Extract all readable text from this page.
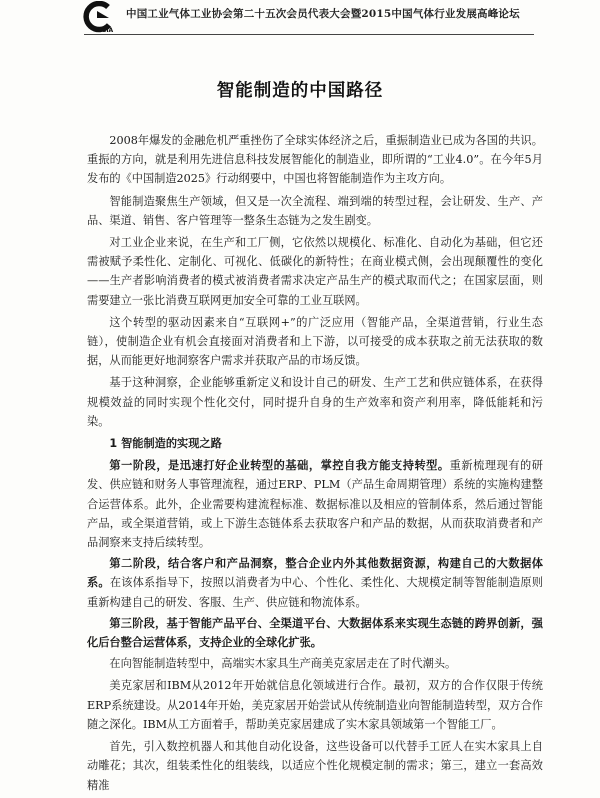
CGIA
中国工业气体工业协会第二十五次会员代表大会暨2015中国气体行业发展高峰论坛
智能制造的中国路径

2008年爆发的金融危机严重挫伤了全球实体经济之后，重振制造业已成为各国的共识。重振的方向，就是利用先进信息科技发展智能化的制造业，即所谓的“工业4.0”。在今年5月发布的《中国制造2025》行动纲要中，中国也将智能制造作为主攻方向。

智能制造聚焦生产领域，但又是一次全流程、端到端的转型过程，会让研发、生产、产品、渠道、销售、客户管理等一整条生态链为之发生剧变。

对工业企业来说，在生产和工厂侧，它依然以规模化、标准化、自动化为基础，但它还需被赋予柔性化、定制化、可视化、低碳化的新特性；在商业模式侧，会出现颠覆性的变化——生产者影响消费者的模式被消费者需求决定产品生产的模式取而代之；在国家层面，则需要建立一张比消费互联网更加安全可靠的工业互联网。

这个转型的驱动因素来自“互联网+”的广泛应用（智能产品，全渠道营销，行业生态链），使制造企业有机会直接面对消费者和上下游，以可接受的成本获取之前无法获取的数据，从而能更好地洞察客户需求并获取产品的市场反馈。

基于这种洞察，企业能够重新定义和设计自己的研发、生产工艺和供应链体系，在获得规模效益的同时实现个性化交付，同时提升自身的生产效率和资产利用率，降低能耗和污染。

1 智能制造的实现之路

第一阶段，是迅速打好企业转型的基础，掌控自我方能支持转型。重新梳理现有的研发、供应链和财务人事管理流程，通过ERP、PLM（产品生命周期管理）系统的实施构建整合运营体系。此外，企业需要构建流程标准、数据标准以及相应的管制体系，然后通过智能产品，或全渠道营销，或上下游生态链体系去获取客户和产品的数据，从而获取消费者和产品洞察来支持后续转型。

第二阶段，结合客户和产品洞察，整合企业内外其他数据资源，构建自己的大数据体系。在该体系指导下，按照以消费者为中心、个性化、柔性化、大规模定制等智能制造原则重新构建自己的研发、客服、生产、供应链和物流体系。

第三阶段，基于智能产品平台、全渠道平台、大数据体系来实现生态链的跨界创新，强化后台整合运营体系，支持企业的全球化扩张。

在向智能制造转型中，高端实木家具生产商美克家居走在了时代潮头。

美克家居和IBM从2012年开始就信息化领域进行合作。最初，双方的合作仅限于传统ERP系统建设。从2014年开始，美克家居开始尝试从传统制造业向智能制造转型，双方合作随之深化。IBM从工方面着手，帮助美克家居建成了实木家具领域第一个智能工厂。

首先，引入数控机器人和其他自动化设备，这些设备可以代替手工匠人在实木家具上自动雕花；其次，组装柔性化的组装线，以适应个性化规模定制的需求；第三，建立一套高效精准
